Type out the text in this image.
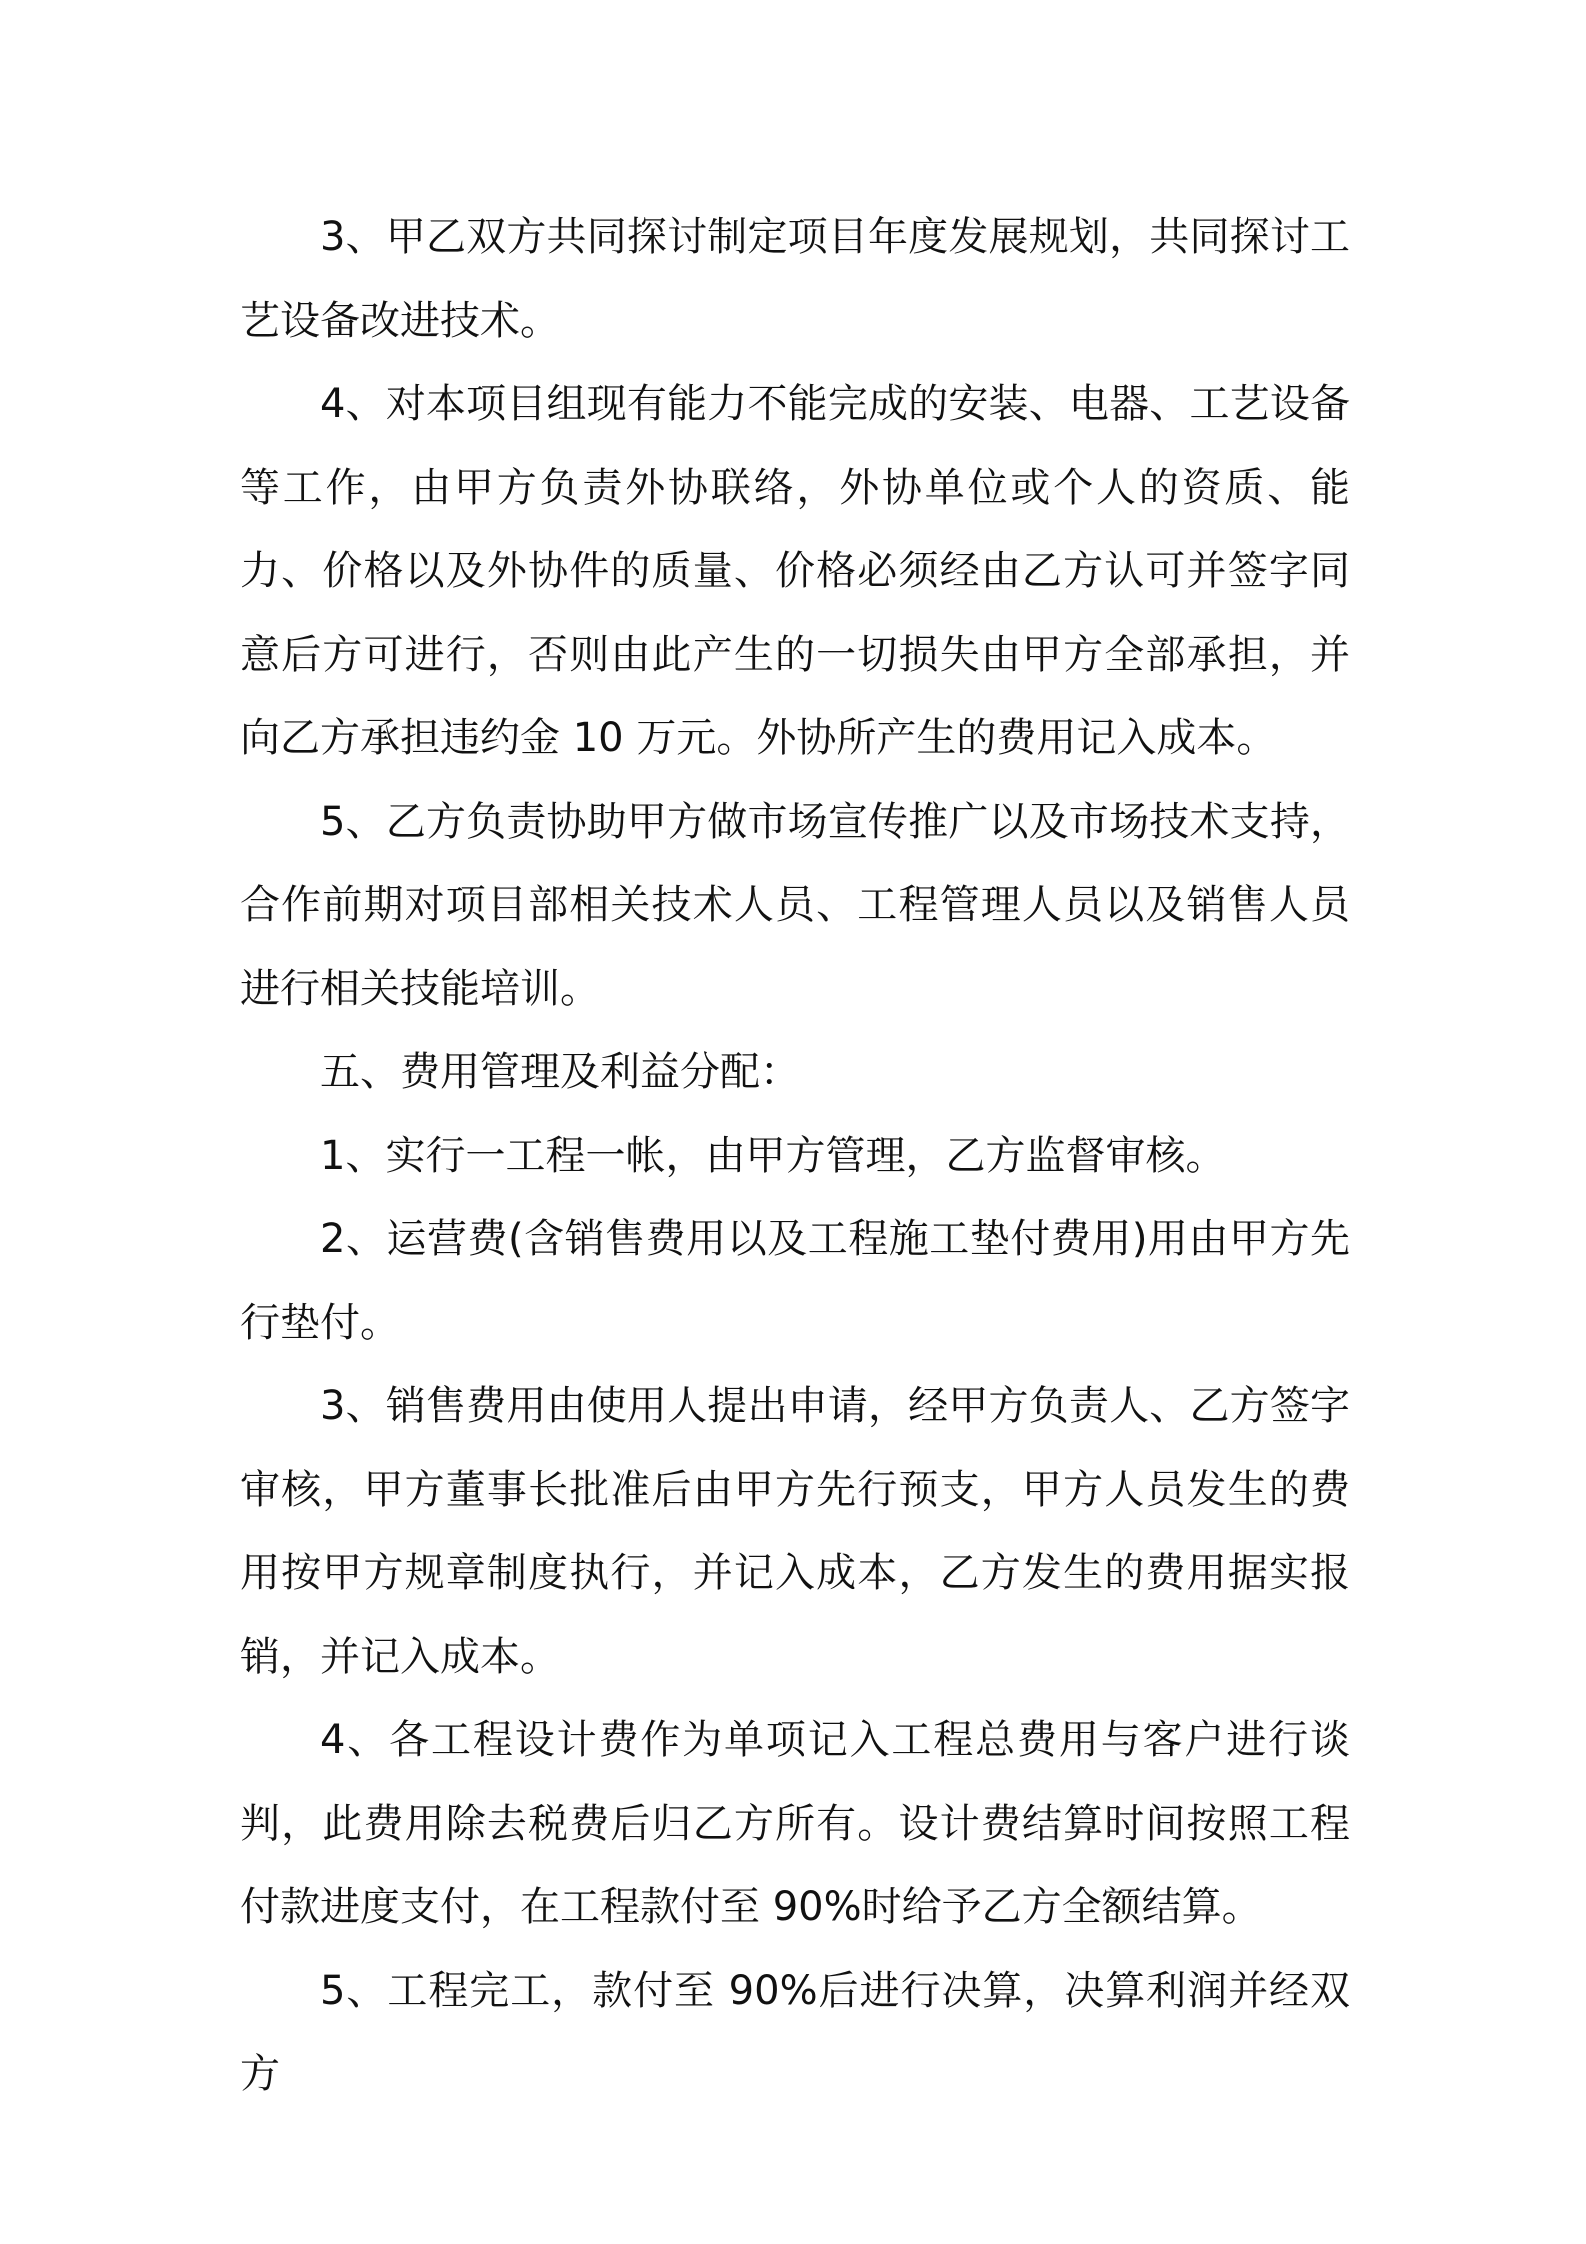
3、甲乙双方共同探讨制定项目年度发展规划，共同探讨工艺设备改进技术。

4、对本项目组现有能力不能完成的安装、电器、工艺设备等工作，由甲方负责外协联络，外协单位或个人的资质、能力、价格以及外协件的质量、价格必须经由乙方认可并签字同意后方可进行，否则由此产生的一切损失由甲方全部承担，并向乙方承担违约金 10 万元。外协所产生的费用记入成本。

5、乙方负责协助甲方做市场宣传推广以及市场技术支持，合作前期对项目部相关技术人员、工程管理人员以及销售人员进行相关技能培训。

五、费用管理及利益分配：

1、实行一工程一帐，由甲方管理，乙方监督审核。

2、运营费(含销售费用以及工程施工垫付费用)用由甲方先行垫付。

3、销售费用由使用人提出申请，经甲方负责人、乙方签字审核，甲方董事长批准后由甲方先行预支，甲方人员发生的费用按甲方规章制度执行，并记入成本，乙方发生的费用据实报销，并记入成本。

4、各工程设计费作为单项记入工程总费用与客户进行谈判，此费用除去税费后归乙方所有。设计费结算时间按照工程付款进度支付，在工程款付至 90%时给予乙方全额结算。

5、工程完工，款付至 90%后进行决算，决算利润并经双方
